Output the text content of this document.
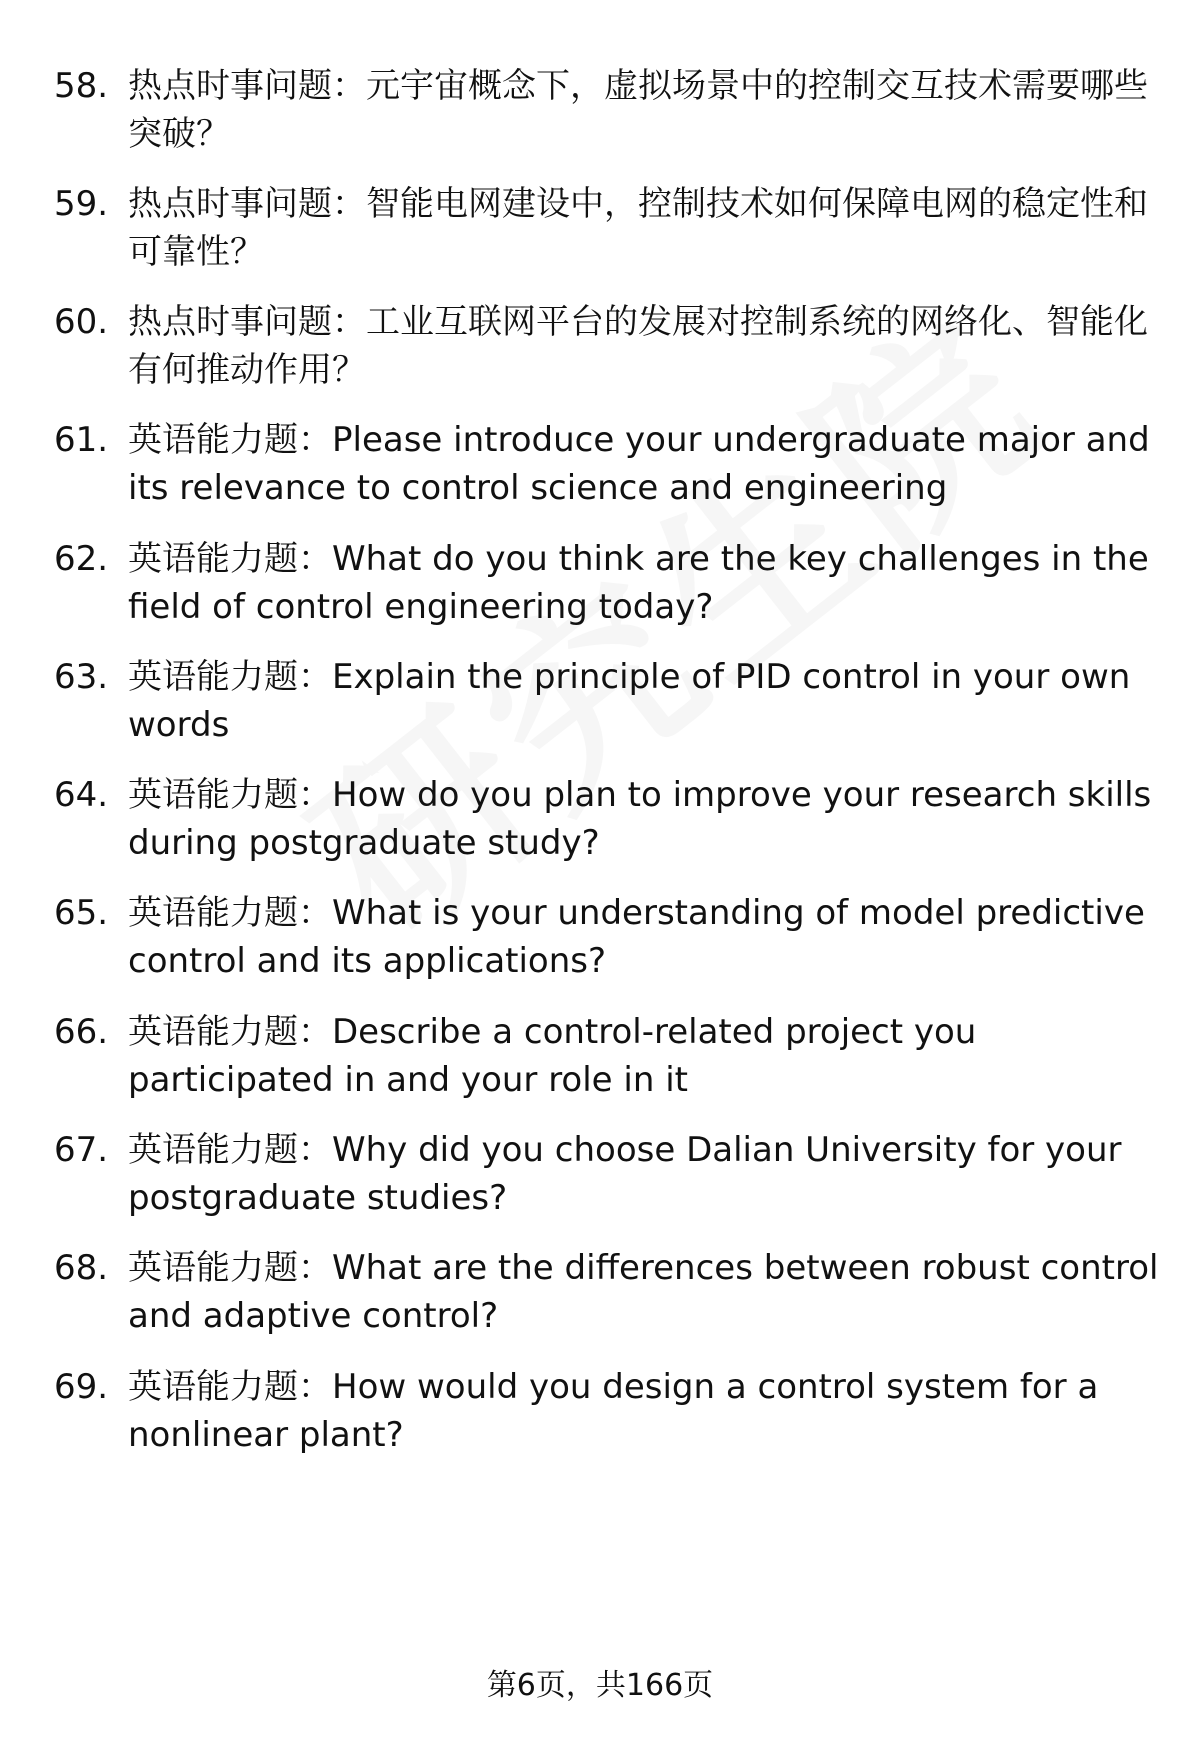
58. 热点时事问题：元宇宙概念下，虚拟场景中的控制交互技术需要哪些突破？
59. 热点时事问题：智能电网建设中，控制技术如何保障电网的稳定性和可靠性？
60. 热点时事问题：工业互联网平台的发展对控制系统的网络化、智能化有何推动作用？
61. 英语能力题：Please introduce your undergraduate major and its relevance to control science and engineering
62. 英语能力题：What do you think are the key challenges in the field of control engineering today?
63. 英语能力题：Explain the principle of PID control in your own words
64. 英语能力题：How do you plan to improve your research skills during postgraduate study?
65. 英语能力题：What is your understanding of model predictive control and its applications?
66. 英语能力题：Describe a control-related project you participated in and your role in it
67. 英语能力题：Why did you choose Dalian University for your postgraduate studies?
68. 英语能力题：What are the differences between robust control and adaptive control?
69. 英语能力题：How would you design a control system for a nonlinear plant?
第6页，共166页
